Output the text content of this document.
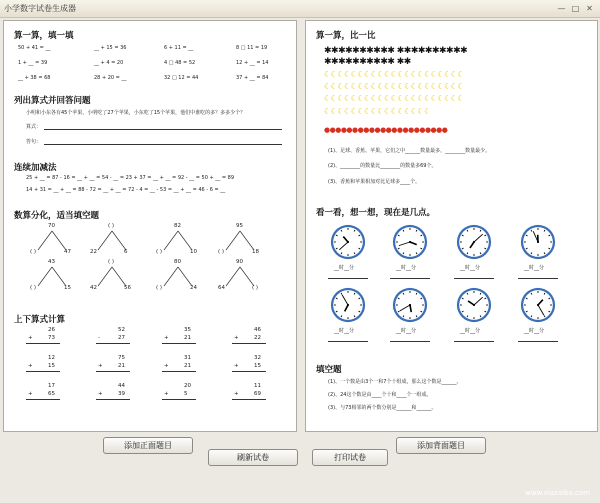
小学数字试卷生成器	— □ ✕
算一算，填一填
50 + 41 = __	__ + 15 = 36	6 + 11 = __	8 □ 11 = 19
1 + __ = 39	__ + 4 = 20	4 □ 48 = 52	12 + __ = 14
__ + 38 = 68	28 + 20 = __	32 □ 12 = 44	37 + __ = 84
列出算式并回答问题
小明和小东各有45个苹果，小明吃了27个苹果，小东吃了15个苹果，他们中谁吃的多？多多少个？
算式：
答句：
连续加减法
25 + __ = 87 - 16 = __ + __ = 54 - __ = 23 + 37 = __ + __ = 92 - __ = 50 + __ = 89
14 + 31 = __ + __ = 88 - 72 = __ + __ = 72 - 4 = __ - 53 = __ + __ = 46 - 6 = __
数算分化，适当填空题
70
( )	47
( )
22	6
82
( )	10
95
( )	18
43
( )	15
( )
42	56
80
( )	24
90
64	( )
上下算式计算
26
+	73
12
+	15
17
+	65
52
-	27
75
+	21
44
+	39
35
+	21
31
+	21
20
+	5
46
+	22
32
+	15
11
+	69
算一算，比一比
✱✱✱✱✱✱✱✱✱✱ ✱✱✱✱✱✱✱✱✱✱
✱✱✱✱✱✱✱✱✱✱ ✱✱
☾☾☾☾☾☾☾☾☾☾☾☾☾☾☾☾☾☾☾☾☾
☾☾☾☾☾☾☾☾☾☾☾☾☾☾☾☾☾☾☾☾☾
☾☾☾☾☾☾☾☾☾☾☾☾☾☾☾☾☾☾☾☾☾
☾☾☾☾☾☾☾☾☾☾☾☾☾☾☾☾
●●●●●●●●●●●●●●●●●●●●●●
(1)、足球、香蕉、苹果，它们之中______数量最多，________数量最少。
(2)、________的数量比________的数量多69个。
(3)、香蕉和苹果相加对比足球多____个。
看一看，想一想，现在是几点。
__时__分	__时__分	__时__分	__时__分
__时__分	__时__分	__时__分	__时__分
填空题
(1)、一个数是由3个一和7个十组成，那么这个数是______。
(2)、24这个数是由____个十和____个一组成。
(3)、与73相邻的两个数分别是______和______。
添加正面题目	添加背面题目
刷新试卷	打印试卷
www.xiazaiba.com
